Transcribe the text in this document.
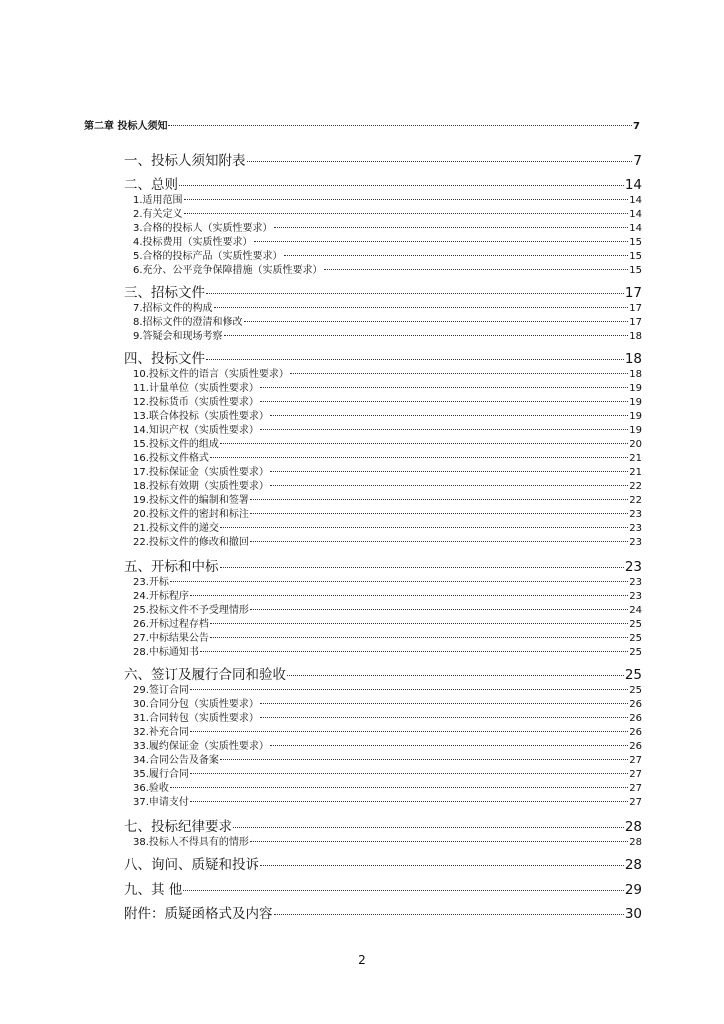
第二章 投标人须知	7
一、投标人须知附表	7
二、总则	14
1.适用范围	14
2.有关定义	14
3.合格的投标人（实质性要求）	14
4.投标费用（实质性要求）	15
5.合格的投标产品（实质性要求）	15
6.充分、公平竞争保障措施（实质性要求）	15
三、招标文件	17
7.招标文件的构成	17
8.招标文件的澄清和修改	17
9.答疑会和现场考察	18
四、投标文件	18
10.投标文件的语言（实质性要求）	18
11.计量单位（实质性要求）	19
12.投标货币（实质性要求）	19
13.联合体投标（实质性要求）	19
14.知识产权（实质性要求）	19
15.投标文件的组成	20
16.投标文件格式	21
17.投标保证金（实质性要求）	21
18.投标有效期（实质性要求）	22
19.投标文件的编制和签署	22
20.投标文件的密封和标注	23
21.投标文件的递交	23
22.投标文件的修改和撤回	23
五、开标和中标	23
23.开标	23
24.开标程序	23
25.投标文件不予受理情形	24
26.开标过程存档	25
27.中标结果公告	25
28.中标通知书	25
六、签订及履行合同和验收	25
29.签订合同	25
30.合同分包（实质性要求）	26
31.合同转包（实质性要求）	26
32.补充合同	26
33.履约保证金（实质性要求）	26
34.合同公告及备案	27
35.履行合同	27
36.验收	27
37.申请支付	27
七、投标纪律要求	28
38.投标人不得具有的情形	28
八、询问、质疑和投诉	28
九、其 他	29
附件：质疑函格式及内容	30
2
